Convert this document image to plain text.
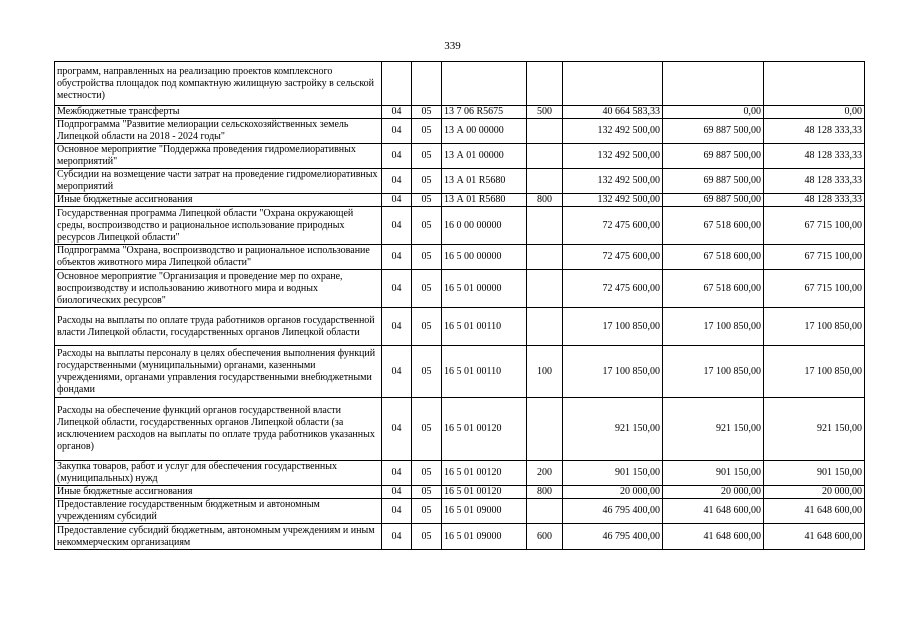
339
программ, направленных на реализацию проектов комплексного обустройства площадок под компактную жилищную застройку в сельской местности)							
Межбюджетные трансферты	04	05	13 7 06 R5675	500	40 664 583,33	0,00	0,00
Подпрограмма "Развитие мелиорации сельскохозяйственных земель Липецкой области на 2018 - 2024 годы"	04	05	13 А 00 00000		132 492 500,00	69 887 500,00	48 128 333,33
Основное мероприятие "Поддержка проведения гидромелиоративных мероприятий"	04	05	13 А 01 00000		132 492 500,00	69 887 500,00	48 128 333,33
Субсидии на возмещение части затрат на проведение гидромелиоративных мероприятий	04	05	13 А 01 R5680		132 492 500,00	69 887 500,00	48 128 333,33
Иные бюджетные ассигнования	04	05	13 А 01 R5680	800	132 492 500,00	69 887 500,00	48 128 333,33
Государственная программа Липецкой области "Охрана окружающей среды, воспроизводство и рациональное использование природных ресурсов Липецкой области"	04	05	16 0 00 00000		72 475 600,00	67 518 600,00	67 715 100,00
Подпрограмма "Охрана, воспроизводство и рациональное использование объектов животного мира Липецкой области"	04	05	16 5 00 00000		72 475 600,00	67 518 600,00	67 715 100,00
Основное мероприятие "Организация и проведение мер по охране, воспроизводству и использованию животного мира и водных биологических ресурсов"	04	05	16 5 01 00000		72 475 600,00	67 518 600,00	67 715 100,00
Расходы на выплаты по оплате труда работников органов государственной власти Липецкой области, государственных органов Липецкой области	04	05	16 5 01 00110		17 100 850,00	17 100 850,00	17 100 850,00
Расходы на выплаты персоналу в целях обеспечения выполнения функций государственными (муниципальными) органами, казенными учреждениями, органами управления государственными внебюджетными фондами	04	05	16 5 01 00110	100	17 100 850,00	17 100 850,00	17 100 850,00
Расходы на обеспечение функций органов государственной власти Липецкой области, государственных органов Липецкой области (за исключением расходов на выплаты по оплате труда работников указанных органов)	04	05	16 5 01 00120		921 150,00	921 150,00	921 150,00
Закупка товаров, работ и услуг для обеспечения государственных (муниципальных) нужд	04	05	16 5 01 00120	200	901 150,00	901 150,00	901 150,00
Иные бюджетные ассигнования	04	05	16 5 01 00120	800	20 000,00	20 000,00	20 000,00
Предоставление государственным бюджетным и автономным учреждениям субсидий	04	05	16 5 01 09000		46 795 400,00	41 648 600,00	41 648 600,00
Предоставление субсидий бюджетным, автономным учреждениям и иным некоммерческим организациям	04	05	16 5 01 09000	600	46 795 400,00	41 648 600,00	41 648 600,00
